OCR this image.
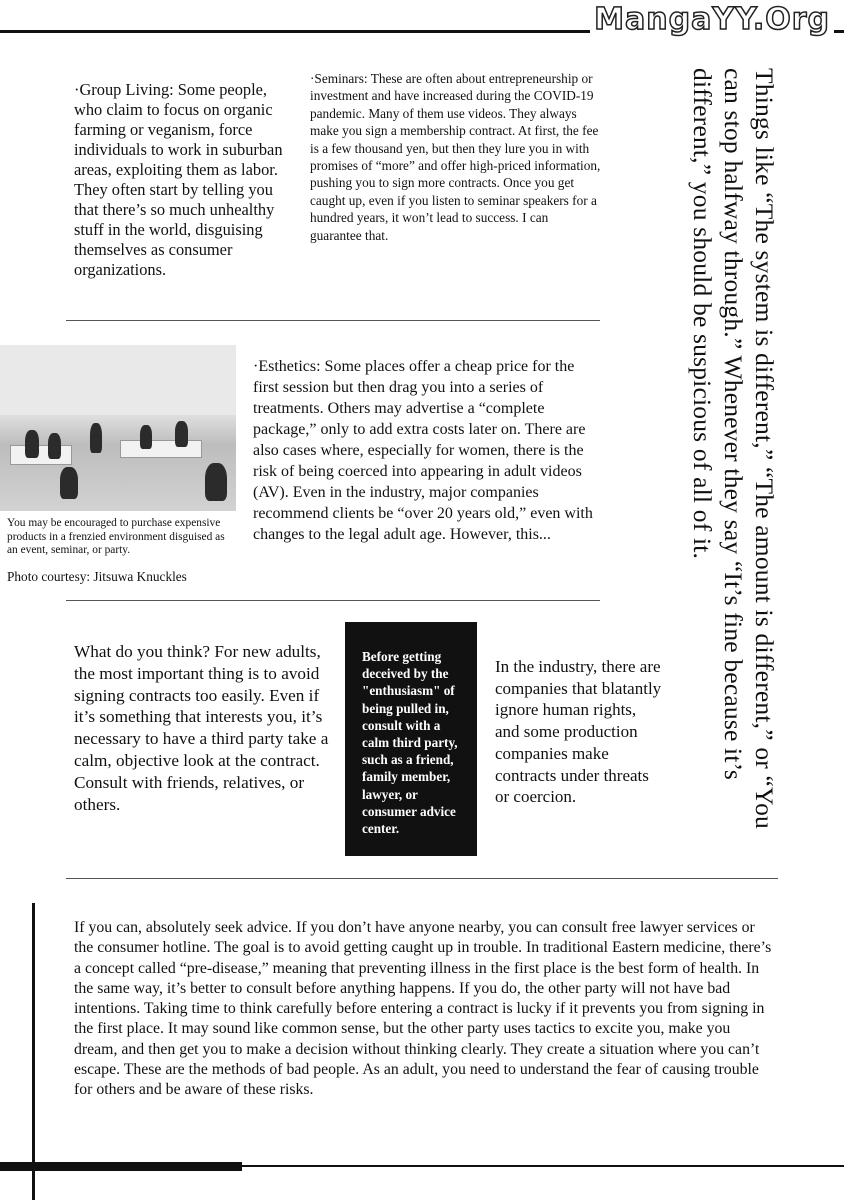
MangaYY.Org
·Group Living: Some people, who claim to focus on organic farming or veganism, force individuals to work in suburban areas, exploiting them as labor. They often start by telling you that there’s so much unhealthy stuff in the world, disguising themselves as consumer organizations.
·Seminars: These are often about entrepreneurship or investment and have increased during the COVID-19 pandemic. Many of them use videos. They always make you sign a membership contract. At first, the fee is a few thousand yen, but then they lure you in with promises of “more” and offer high-priced information, pushing you to sign more contracts. Once you get caught up, even if you listen to seminar speakers for a hundred years, it won’t lead to success. I can guarantee that.
You may be encouraged to purchase expensive products in a frenzied environment disguised as an event, seminar, or party.
Photo courtesy: Jitsuwa Knuckles
·Esthetics: Some places offer a cheap price for the first session but then drag you into a series of treatments. Others may advertise a “complete package,” only to add extra costs later on. There are also cases where, especially for women, there is the risk of being coerced into appearing in adult videos (AV). Even in the industry, major companies recommend clients be “over 20 years old,” even with changes to the legal adult age. However, this...	Things like “The system is different,” “The amount is different,” or “You can stop halfway through.” Whenever they say “It’s fine because it’s different,” you should be suspicious of all of it.
What do you think? For new adults, the most important thing is to avoid signing contracts too easily. Even if it’s something that interests you, it’s necessary to have a third party take a calm, objective look at the contract. Consult with friends, relatives, or others.
Before getting deceived by the "enthusiasm" of being pulled in, consult with a calm third party, such as a friend, family member, lawyer, or consumer advice center.
In the industry, there are companies that blatantly ignore human rights, and some production companies make contracts under threats or coercion.
If you can, absolutely seek advice. If you don’t have anyone nearby, you can consult free lawyer services or the consumer hotline. The goal is to avoid getting caught up in trouble. In traditional Eastern medicine, there’s a concept called “pre-disease,” meaning that preventing illness in the first place is the best form of health. In the same way, it’s better to consult before anything happens. If you do, the other party will not have bad intentions. Taking time to think carefully before entering a contract is lucky if it prevents you from signing in the first place. It may sound like common sense, but the other party uses tactics to excite you, make you dream, and then get you to make a decision without thinking clearly. They create a situation where you can’t escape. These are the methods of bad people. As an adult, you need to understand the fear of causing trouble for others and be aware of these risks.
